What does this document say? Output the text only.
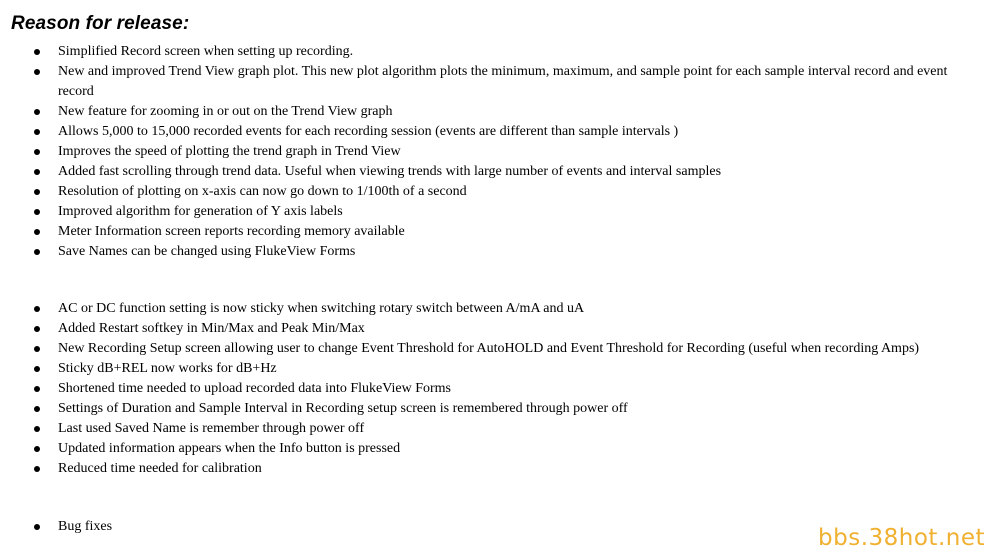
Reason for release:
Simplified Record screen when setting up recording.
New and improved Trend View graph plot. This new plot algorithm plots the minimum, maximum, and sample point for each sample interval record and event record
New feature for zooming in or out on the Trend View graph
Allows 5,000 to 15,000 recorded events for each recording session (events are different than sample intervals )
Improves the speed of plotting the trend graph in Trend View
Added fast scrolling through trend data. Useful when viewing trends with large number of events and interval samples
Resolution of plotting on x-axis can now go down to 1/100th of a second
Improved algorithm for generation of Y axis labels
Meter Information screen reports recording memory available
Save Names can be changed using FlukeView Forms
AC or DC function setting is now sticky when switching rotary switch between A/mA and uA
Added Restart softkey in Min/Max and Peak Min/Max
New Recording Setup screen allowing user to change Event Threshold for AutoHOLD and Event Threshold for Recording (useful when recording Amps)
Sticky dB+REL now works for dB+Hz
Shortened time needed to upload recorded data into FlukeView Forms
Settings of Duration and Sample Interval in Recording setup screen is remembered through power off
Last used Saved Name is remember through power off
Updated information appears when the Info button is pressed
Reduced time needed for calibration
Bug fixes	bbs.38hot.net
